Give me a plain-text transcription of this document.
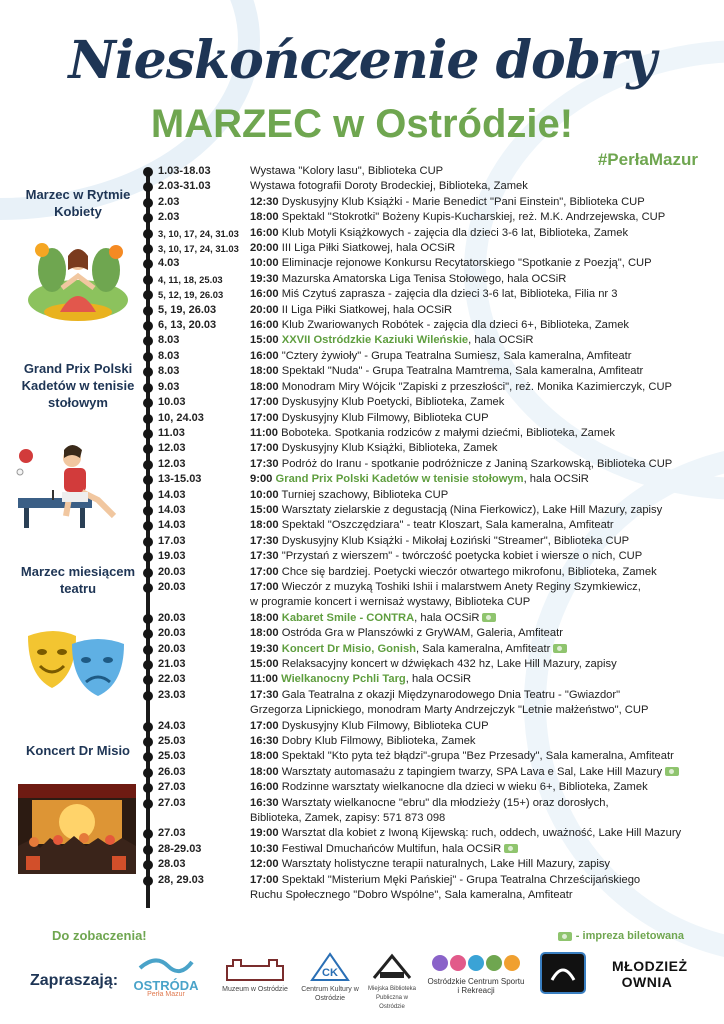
Nieskończenie dobry
MARZEC w Ostródzie!
#PerłaMazur
Marzec w Rytmie Kobiety
Grand Prix Polski Kadetów w tenisie stołowym
Marzec miesiącem teatru
Koncert Dr Misio
1.03-18.03	Wystawa "Kolory lasu", Biblioteka CUP
2.03-31.03	Wystawa fotografii Doroty Brodeckiej, Biblioteka, Zamek
2.03	12:30 Dyskusyjny Klub Książki - Marie Benedict "Pani Einstein", Biblioteka CUP
2.03	18:00 Spektakl "Stokrotki" Bożeny Kupis-Kucharskiej, reż. M.K. Andrzejewska, CUP
3, 10, 17, 24, 31.03	16:00 Klub Motyli Książkowych - zajęcia dla dzieci 3-6 lat, Biblioteka, Zamek
3, 10, 17, 24, 31.03	20:00 III Liga Piłki Siatkowej, hala OCSiR
4.03	10:00 Eliminacje rejonowe Konkursu Recytatorskiego "Spotkanie z Poezją", CUP
4, 11, 18, 25.03	19:30 Mazurska Amatorska Liga Tenisa Stołowego, hala OCSiR
5, 12, 19, 26.03	16:00 Miś Czytuś zaprasza - zajęcia dla dzieci 3-6 lat, Biblioteka, Filia nr 3
5, 19, 26.03	20:00 II Liga Piłki Siatkowej, hala OCSiR
6, 13, 20.03	16:00 Klub Zwariowanych Robótek - zajęcia dla dzieci 6+, Biblioteka, Zamek
8.03	15:00 XXVII Ostródzkie Kaziuki Wileńskie, hala OCSiR
8.03	16:00 "Cztery żywioły" - Grupa Teatralna Sumiesz, Sala kameralna, Amfiteatr
8.03	18:00 Spektakl "Nuda" - Grupa Teatralna Mamtrema, Sala kameralna, Amfiteatr
9.03	18:00 Monodram Miry Wójcik "Zapiski z przeszłości", reż. Monika Kazimierczyk, CUP
10.03	17:00 Dyskusyjny Klub Poetycki, Biblioteka, Zamek
10, 24.03	17:00 Dyskusyjny Klub Filmowy, Biblioteka CUP
11.03	11:00 Boboteka. Spotkania rodziców z małymi dziećmi, Biblioteka, Zamek
12.03	17:00 Dyskusyjny Klub Książki, Biblioteka, Zamek
12.03	17:30 Podróż do Iranu - spotkanie podróżnicze z Janiną Szarkowską, Biblioteka CUP
13-15.03	9:00 Grand Prix Polski Kadetów w tenisie stołowym, hala OCSiR
14.03	10:00 Turniej szachowy, Biblioteka CUP
14.03	15:00 Warsztaty zielarskie z degustacją (Nina Fierkowicz), Lake Hill Mazury, zapisy
14.03	18:00 Spektakl "Oszczędziara" - teatr Kloszart, Sala kameralna, Amfiteatr
17.03	17:30 Dyskusyjny Klub Książki - Mikołaj Łoziński "Streamer", Biblioteka CUP
19.03	17:30 "Przystań z wierszem" - twórczość poetycka kobiet i wiersze o nich, CUP
20.03	17:00 Chce się bardziej. Poetycki wieczór otwartego mikrofonu, Biblioteka, Zamek
20.03	17:00 Wieczór z muzyką Toshiki Ishii i malarstwem Anety Reginy Szymkiewicz,
w programie koncert i wernisaż wystawy, Biblioteka CUP
20.03	18:00 Kabaret Smile - CONTRA, hala OCSiR
20.03	18:00 Ostróda Gra w Planszówki z GryWAM, Galeria, Amfiteatr
20.03	19:30 Koncert Dr Misio, Gonish, Sala kameralna, Amfiteatr
21.03	15:00 Relaksacyjny koncert w dźwiękach 432 hz, Lake Hill Mazury, zapisy
22.03	11:00 Wielkanocny Pchli Targ, hala OCSiR
23.03	17:30 Gala Teatralna z okazji Międzynarodowego Dnia Teatru - "Gwiazdor"
Grzegorza Lipnickiego, monodram Marty Andrzejczyk "Letnie małżeństwo", CUP
24.03	17:00 Dyskusyjny Klub Filmowy, Biblioteka CUP
25.03	16:30 Dobry Klub Filmowy, Biblioteka, Zamek
25.03	18:00 Spektakl "Kto pyta też błądzi"-grupa "Bez Przesady", Sala kameralna, Amfiteatr
26.03	18:00 Warsztaty automasażu z tapingiem twarzy, SPA Lava e Sal, Lake Hill Mazury
27.03	16:00 Rodzinne warsztaty wielkanocne dla dzieci w wieku 6+, Biblioteka, Zamek
27.03	16:30 Warsztaty wielkanocne "ebru" dla młodzieży (15+) oraz dorosłych,
Biblioteka, Zamek, zapisy: 571 873 098
27.03	19:00 Warsztat dla kobiet z Iwoną Kijewską: ruch, oddech, uważność, Lake Hill Mazury
28-29.03	10:30 Festiwal Dmuchańców Multifun, hala OCSiR
28.03	12:00 Warsztaty holistyczne terapii naturalnych, Lake Hill Mazury, zapisy
28, 29.03	17:00 Spektakl "Misterium Męki Pańskiej" - Grupa Teatralna Chrześcijańskiego
Ruchu Społecznego "Dobro Wspólne", Sala kameralna, Amfiteatr
Do zobaczenia!	- impreza biletowana
Zapraszają:	OSTRÓDA
Perła Mazur
Muzeum w Ostródzie
CK
Centrum Kultury w Ostródzie
Miejska Biblioteka Publiczna w Ostródzie
Ostródzkie Centrum Sportu i Rekreacji
MŁODZIEŻ OWNIA
